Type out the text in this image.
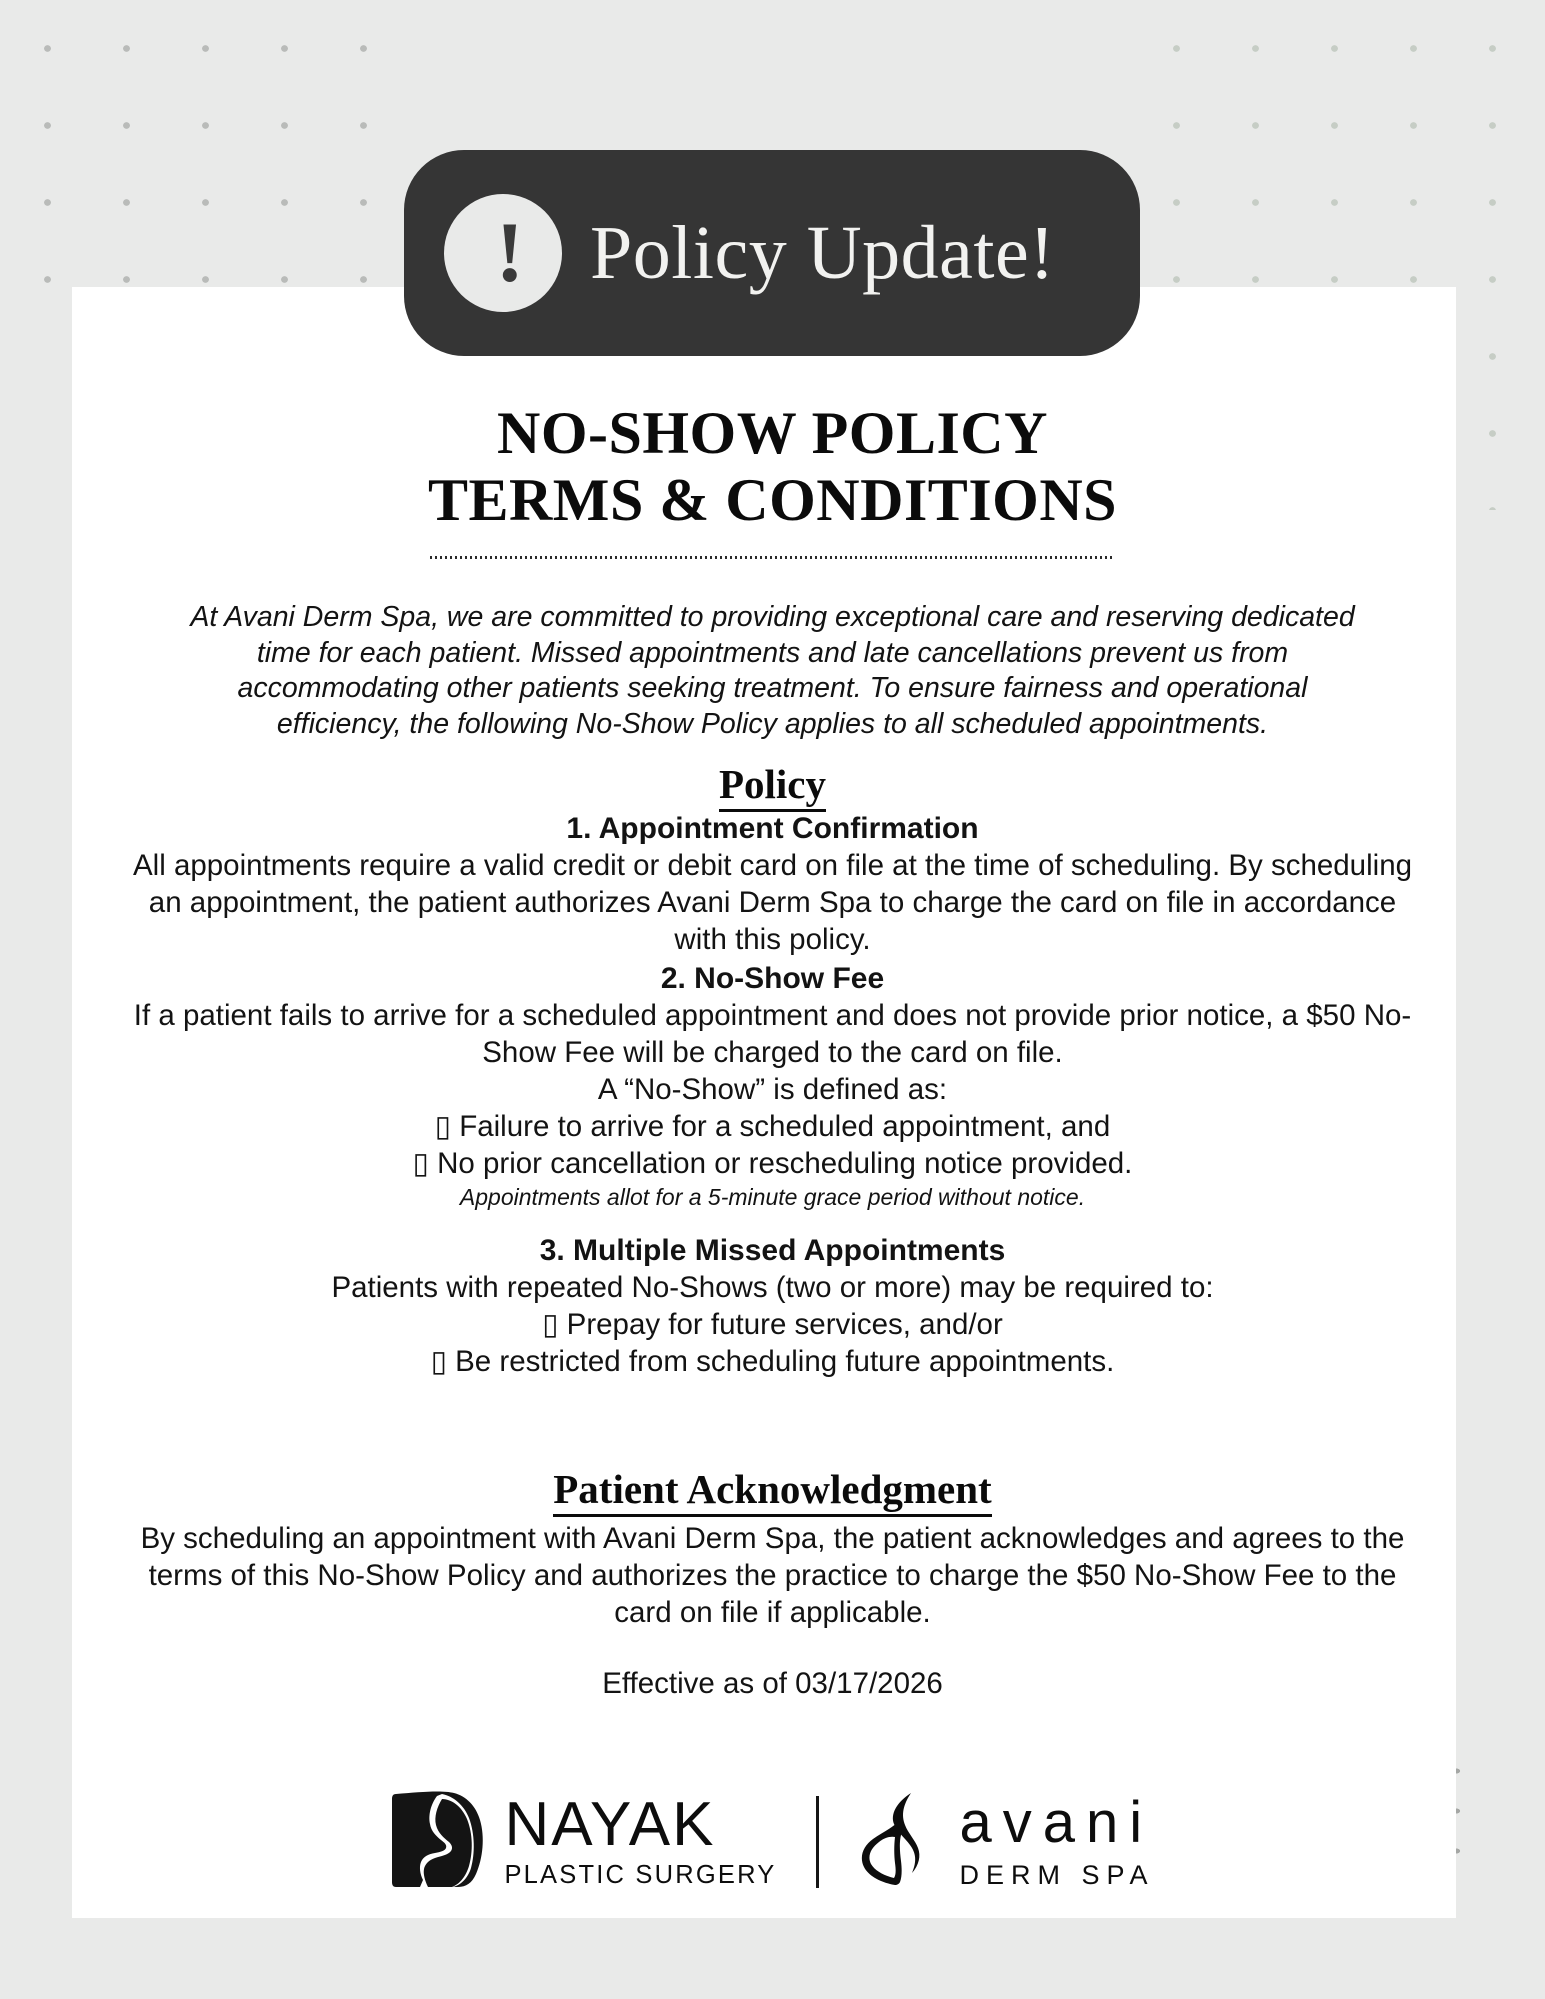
! Policy Update!
NO-SHOW POLICY
TERMS & CONDITIONS
At Avani Derm Spa, we are committed to providing exceptional care and reserving dedicated time for each patient. Missed appointments and late cancellations prevent us from accommodating other patients seeking treatment. To ensure fairness and operational efficiency, the following No-Show Policy applies to all scheduled appointments.
Policy
1. Appointment Confirmation
All appointments require a valid credit or debit card on file at the time of scheduling. By scheduling an appointment, the patient authorizes Avani Derm Spa to charge the card on file in accordance with this policy.
2. No-Show Fee
If a patient fails to arrive for a scheduled appointment and does not provide prior notice, a $50 No-Show Fee will be charged to the card on file.
A “No-Show” is defined as:
▯ Failure to arrive for a scheduled appointment, and
▯ No prior cancellation or rescheduling notice provided.
Appointments allot for a 5-minute grace period without notice.
3. Multiple Missed Appointments
Patients with repeated No-Shows (two or more) may be required to:
▯ Prepay for future services, and/or
▯ Be restricted from scheduling future appointments.
Patient Acknowledgment
By scheduling an appointment with Avani Derm Spa, the patient acknowledges and agrees to the terms of this No-Show Policy and authorizes the practice to charge the $50 No-Show Fee to the card on file if applicable.
Effective as of 03/17/2026
NAYAK
PLASTIC SURGERY
avani
DERM SPA
